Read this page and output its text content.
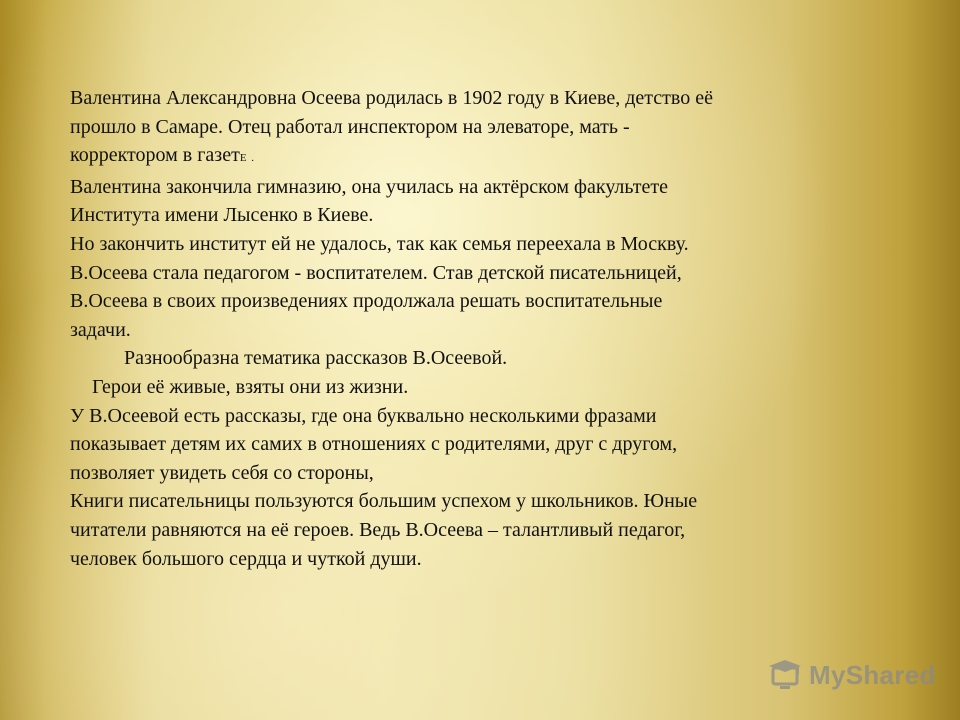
Валентина Александровна Осеева родилась в 1902 году в Киеве, детство её
прошло в Самаре. Отец работал инспектором на элеваторе, мать -
корректором в газетЕ .
Валентина закончила гимназию, она училась на актёрском факультете
Института имени Лысенко в Киеве.
Но закончить институт ей не удалось, так как семья переехала в Москву.
В.Осеева стала педагогом - воспитателем. Став детской писательницей,
В.Осеева в своих произведениях продолжала решать воспитательные
задачи.
Разнообразна тематика рассказов В.Осеевой.
Герои её живые, взяты они из жизни.
У В.Осеевой есть рассказы, где она буквально несколькими фразами
показывает детям их самих в отношениях с родителями, друг с другом,
позволяет увидеть себя со стороны,
Книги писательницы пользуются большим успехом у школьников. Юные
читатели равняются на её героев. Ведь В.Осеева – талантливый педагог,
человек большого сердца и чуткой души.
MyShared
